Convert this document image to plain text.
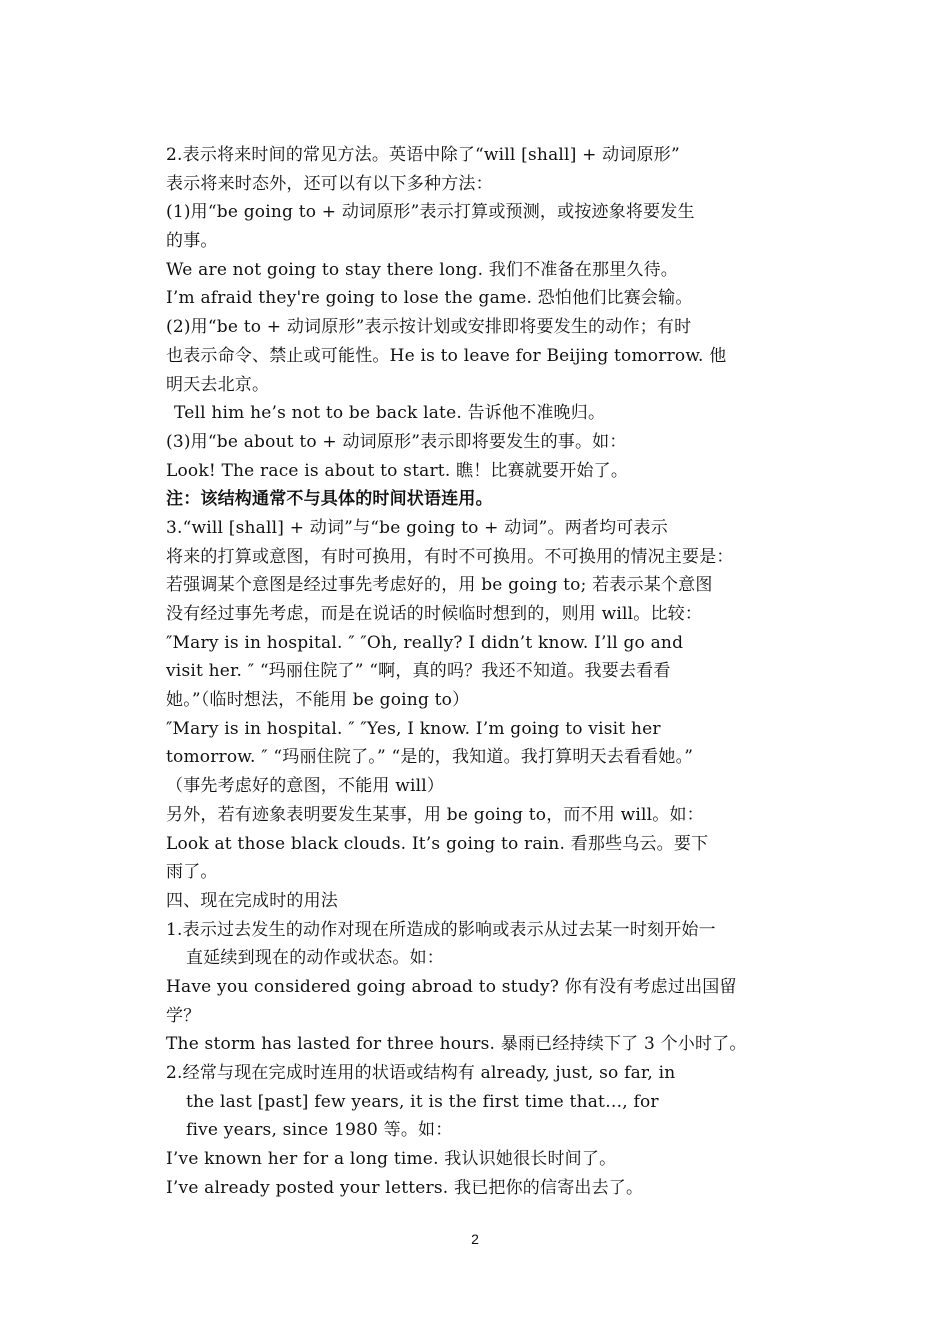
2.表示将来时间的常见方法。英语中除了“will [shall] + 动词原形”
表示将来时态外，还可以有以下多种方法：
(1)用“be going to + 动词原形”表示打算或预测，或按迹象将要发生
的事。
We are not going to stay there long. 我们不准备在那里久待。
I’m afraid they're going to lose the game. 恐怕他们比赛会输。
(2)用“be to + 动词原形”表示按计划或安排即将要发生的动作；有时
也表示命令、禁止或可能性。He is to leave for Beijing tomorrow. 他
明天去北京。
Tell him he’s not to be back late. 告诉他不准晚归。
(3)用“be about to + 动词原形”表示即将要发生的事。如：
Look! The race is about to start. 瞧！比赛就要开始了。
注：该结构通常不与具体的时间状语连用。
3.“will [shall] + 动词”与“be going to + 动词”。两者均可表示
将来的打算或意图，有时可换用，有时不可换用。不可换用的情况主要是：
若强调某个意图是经过事先考虑好的，用 be going to; 若表示某个意图
没有经过事先考虑，而是在说话的时候临时想到的，则用 will。比较：
″Mary is in hospital. ″ ″Oh, really? I didn’t know. I’ll go and
visit her. ″ “玛丽住院了” “啊，真的吗？我还不知道。我要去看看
她。”（临时想法，不能用 be going to）
″Mary is in hospital. ″ ″Yes, I know. I’m going to visit her
tomorrow. ″ “玛丽住院了。” “是的，我知道。我打算明天去看看她。”
（事先考虑好的意图，不能用 will）
另外，若有迹象表明要发生某事，用 be going to，而不用 will。如：
Look at those black clouds. It’s going to rain. 看那些乌云。要下
雨了。
四、现在完成时的用法
1.表示过去发生的动作对现在所造成的影响或表示从过去某一时刻开始一
直延续到现在的动作或状态。如：
Have you considered going abroad to study? 你有没有考虑过出国留
学？
The storm has lasted for three hours. 暴雨已经持续下了 3 个小时了。
2.经常与现在完成时连用的状语或结构有 already, just, so far, in
the last [past] few years, it is the first time that…, for
five years, since 1980 等。如：
I’ve known her for a long time. 我认识她很长时间了。
I’ve already posted your letters. 我已把你的信寄出去了。
2
